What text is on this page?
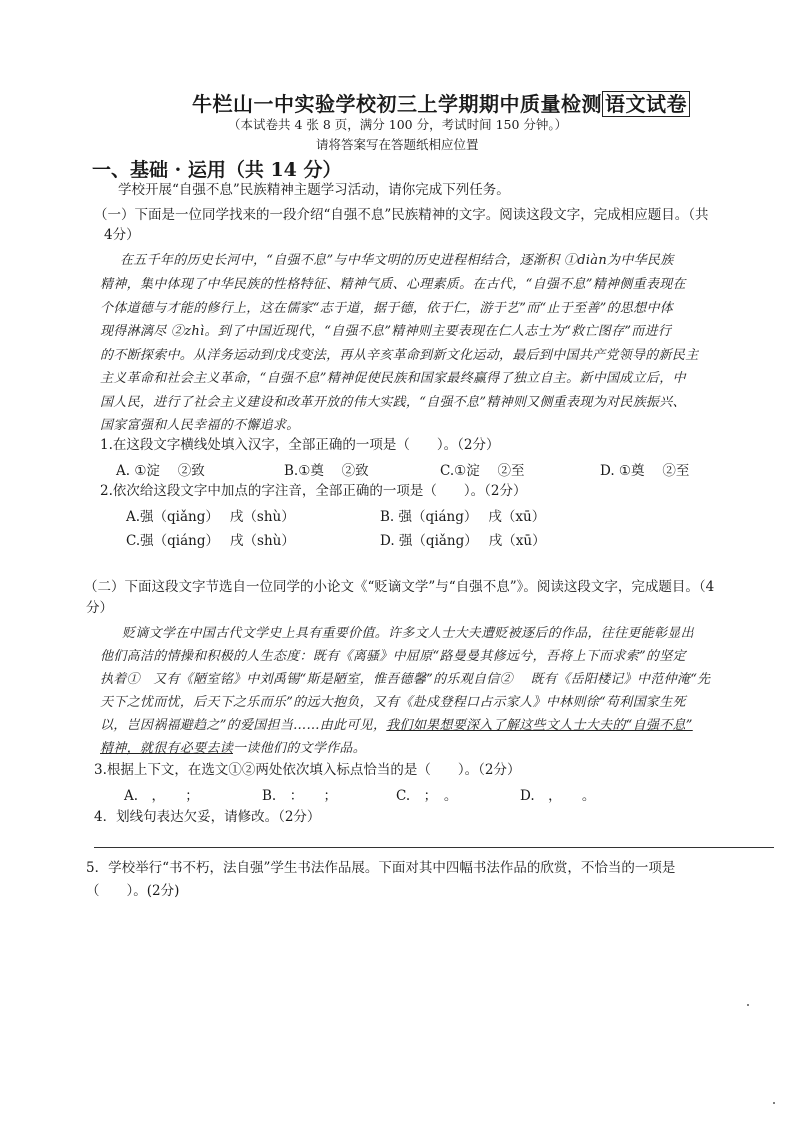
牛栏山一中实验学校初三上学期期中质量检测 语文试卷
（本试卷共 4 张 8 页，满分 100 分，考试时间 150 分钟。）
请将答案写在答题纸相应位置
一、基础 · 运用（共 14 分）
学校开展“自强不息”民族精神主题学习活动，请你完成下列任务。
（一）下面是一位同学找来的一段介绍“自强不息”民族精神的文字。阅读这段文字，完成相应题目。（共
4分）
在五千年的历史长河中，“自强不息”与中华文明的历史进程相结合，逐渐积 ①diàn为中华民族
精神，集中体现了中华民族的性格特征、精神气质、心理素质。在古代，“自强不息”精神侧重表现在
个体道德与才能的修行上，这在儒家“志于道，据于德，依于仁，游于艺”而“止于至善”的思想中体
现得淋漓尽 ②zhì。到了中国近现代，“自强不息”精神则主要表现在仁人志士为“救亡图存”而进行
的不断探索中。从洋务运动到戊戌变法，再从辛亥革命到新文化运动，最后到中国共产党领导的新民主
主义革命和社会主义革命，“自强不息”精神促使民族和国家最终赢得了独立自主。新中国成立后，中
国人民，进行了社会主义建设和改革开放的伟大实践，“自强不息”精神则又侧重表现为对民族振兴、
国家富强和人民幸福的不懈追求。
1.在这段文字横线处填入汉字，全部正确的一项是（　　）。（2分）
A. ①淀　 ②致	B.①奠　 ②致	C.①淀　 ②至	D. ①奠　 ②至
2.依次给这段文字中加点的字注音，全部正确的一项是（　　）。（2分）
A.强（qiǎng）　 戌（shù）	B. 强（qiáng）　 戌（xū）
C.强（qiáng）　 戌（shù）	D. 强（qiǎng）　 戌（xū）
（二）下面这段文字节选自一位同学的小论文《“贬谪文学”与“自强不息”》。阅读这段文字，完成题目。（4
分）
贬谪文学在中国古代文学史上具有重要价值。许多文人士大夫遭贬被逐后的作品，往往更能彰显出
他们高洁的情操和积极的人生态度：既有《离骚》中屈原“路曼曼其修远兮，吾将上下而求索”的坚定
执着①　又有《陋室铭》中刘禹锡“斯是陋室，惟吾德馨”的乐观自信②　 既有《岳阳楼记》中范仲淹“先
天下之忧而忧，后天下之乐而乐”的远大抱负，又有《赴戍登程口占示家人》中林则徐“苟利国家生死
以，岂因祸福避趋之”的爱国担当……由此可见，我们如果想要深入了解这些文人士大夫的“自强不息”
精神，就很有必要去读一读他们的文学作品。
3.根据上下文，在选文①②两处依次填入标点恰当的是（　　）。（2分）
A.　，　　；	B.　：　　；	C.　；　。	D.　，　　。
4．划线句表达欠妥，请修改。（2分）
5．学校举行“书不朽，法自强”学生书法作品展。下面对其中四幅书法作品的欣赏，不恰当的一项是
（　　）。(2分)
